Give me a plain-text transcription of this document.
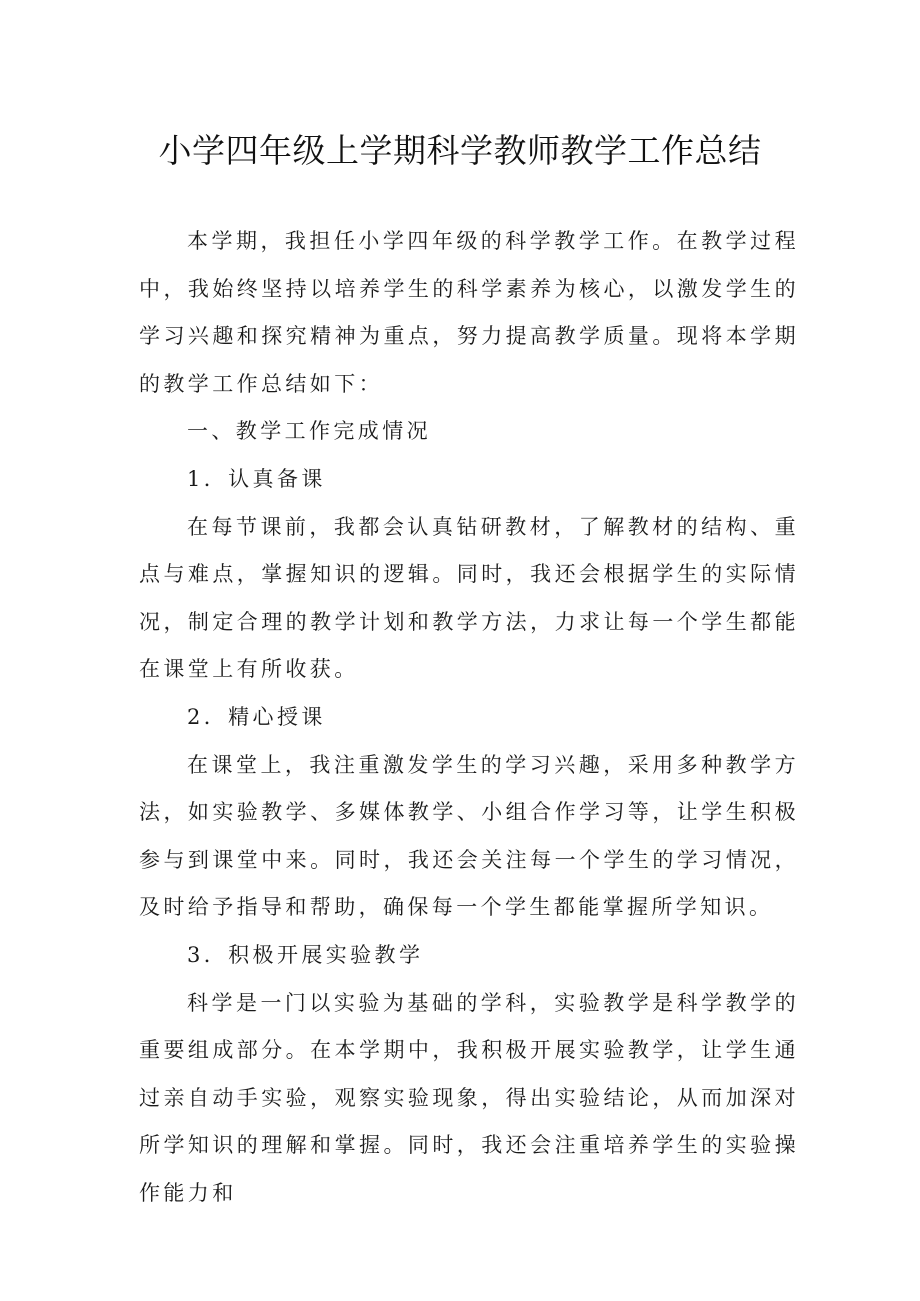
小学四年级上学期科学教师教学工作总结

本学期，我担任小学四年级的科学教学工作。在教学过程中，我始终坚持以培养学生的科学素养为核心，以激发学生的学习兴趣和探究精神为重点，努力提高教学质量。现将本学期的教学工作总结如下：

一、教学工作完成情况

1．认真备课

在每节课前，我都会认真钻研教材，了解教材的结构、重点与难点，掌握知识的逻辑。同时，我还会根据学生的实际情况，制定合理的教学计划和教学方法，力求让每一个学生都能在课堂上有所收获。

2．精心授课

在课堂上，我注重激发学生的学习兴趣，采用多种教学方法，如实验教学、多媒体教学、小组合作学习等，让学生积极参与到课堂中来。同时，我还会关注每一个学生的学习情况，及时给予指导和帮助，确保每一个学生都能掌握所学知识。

3．积极开展实验教学

科学是一门以实验为基础的学科，实验教学是科学教学的重要组成部分。在本学期中，我积极开展实验教学，让学生通过亲自动手实验，观察实验现象，得出实验结论，从而加深对所学知识的理解和掌握。同时，我还会注重培养学生的实验操作能力和
